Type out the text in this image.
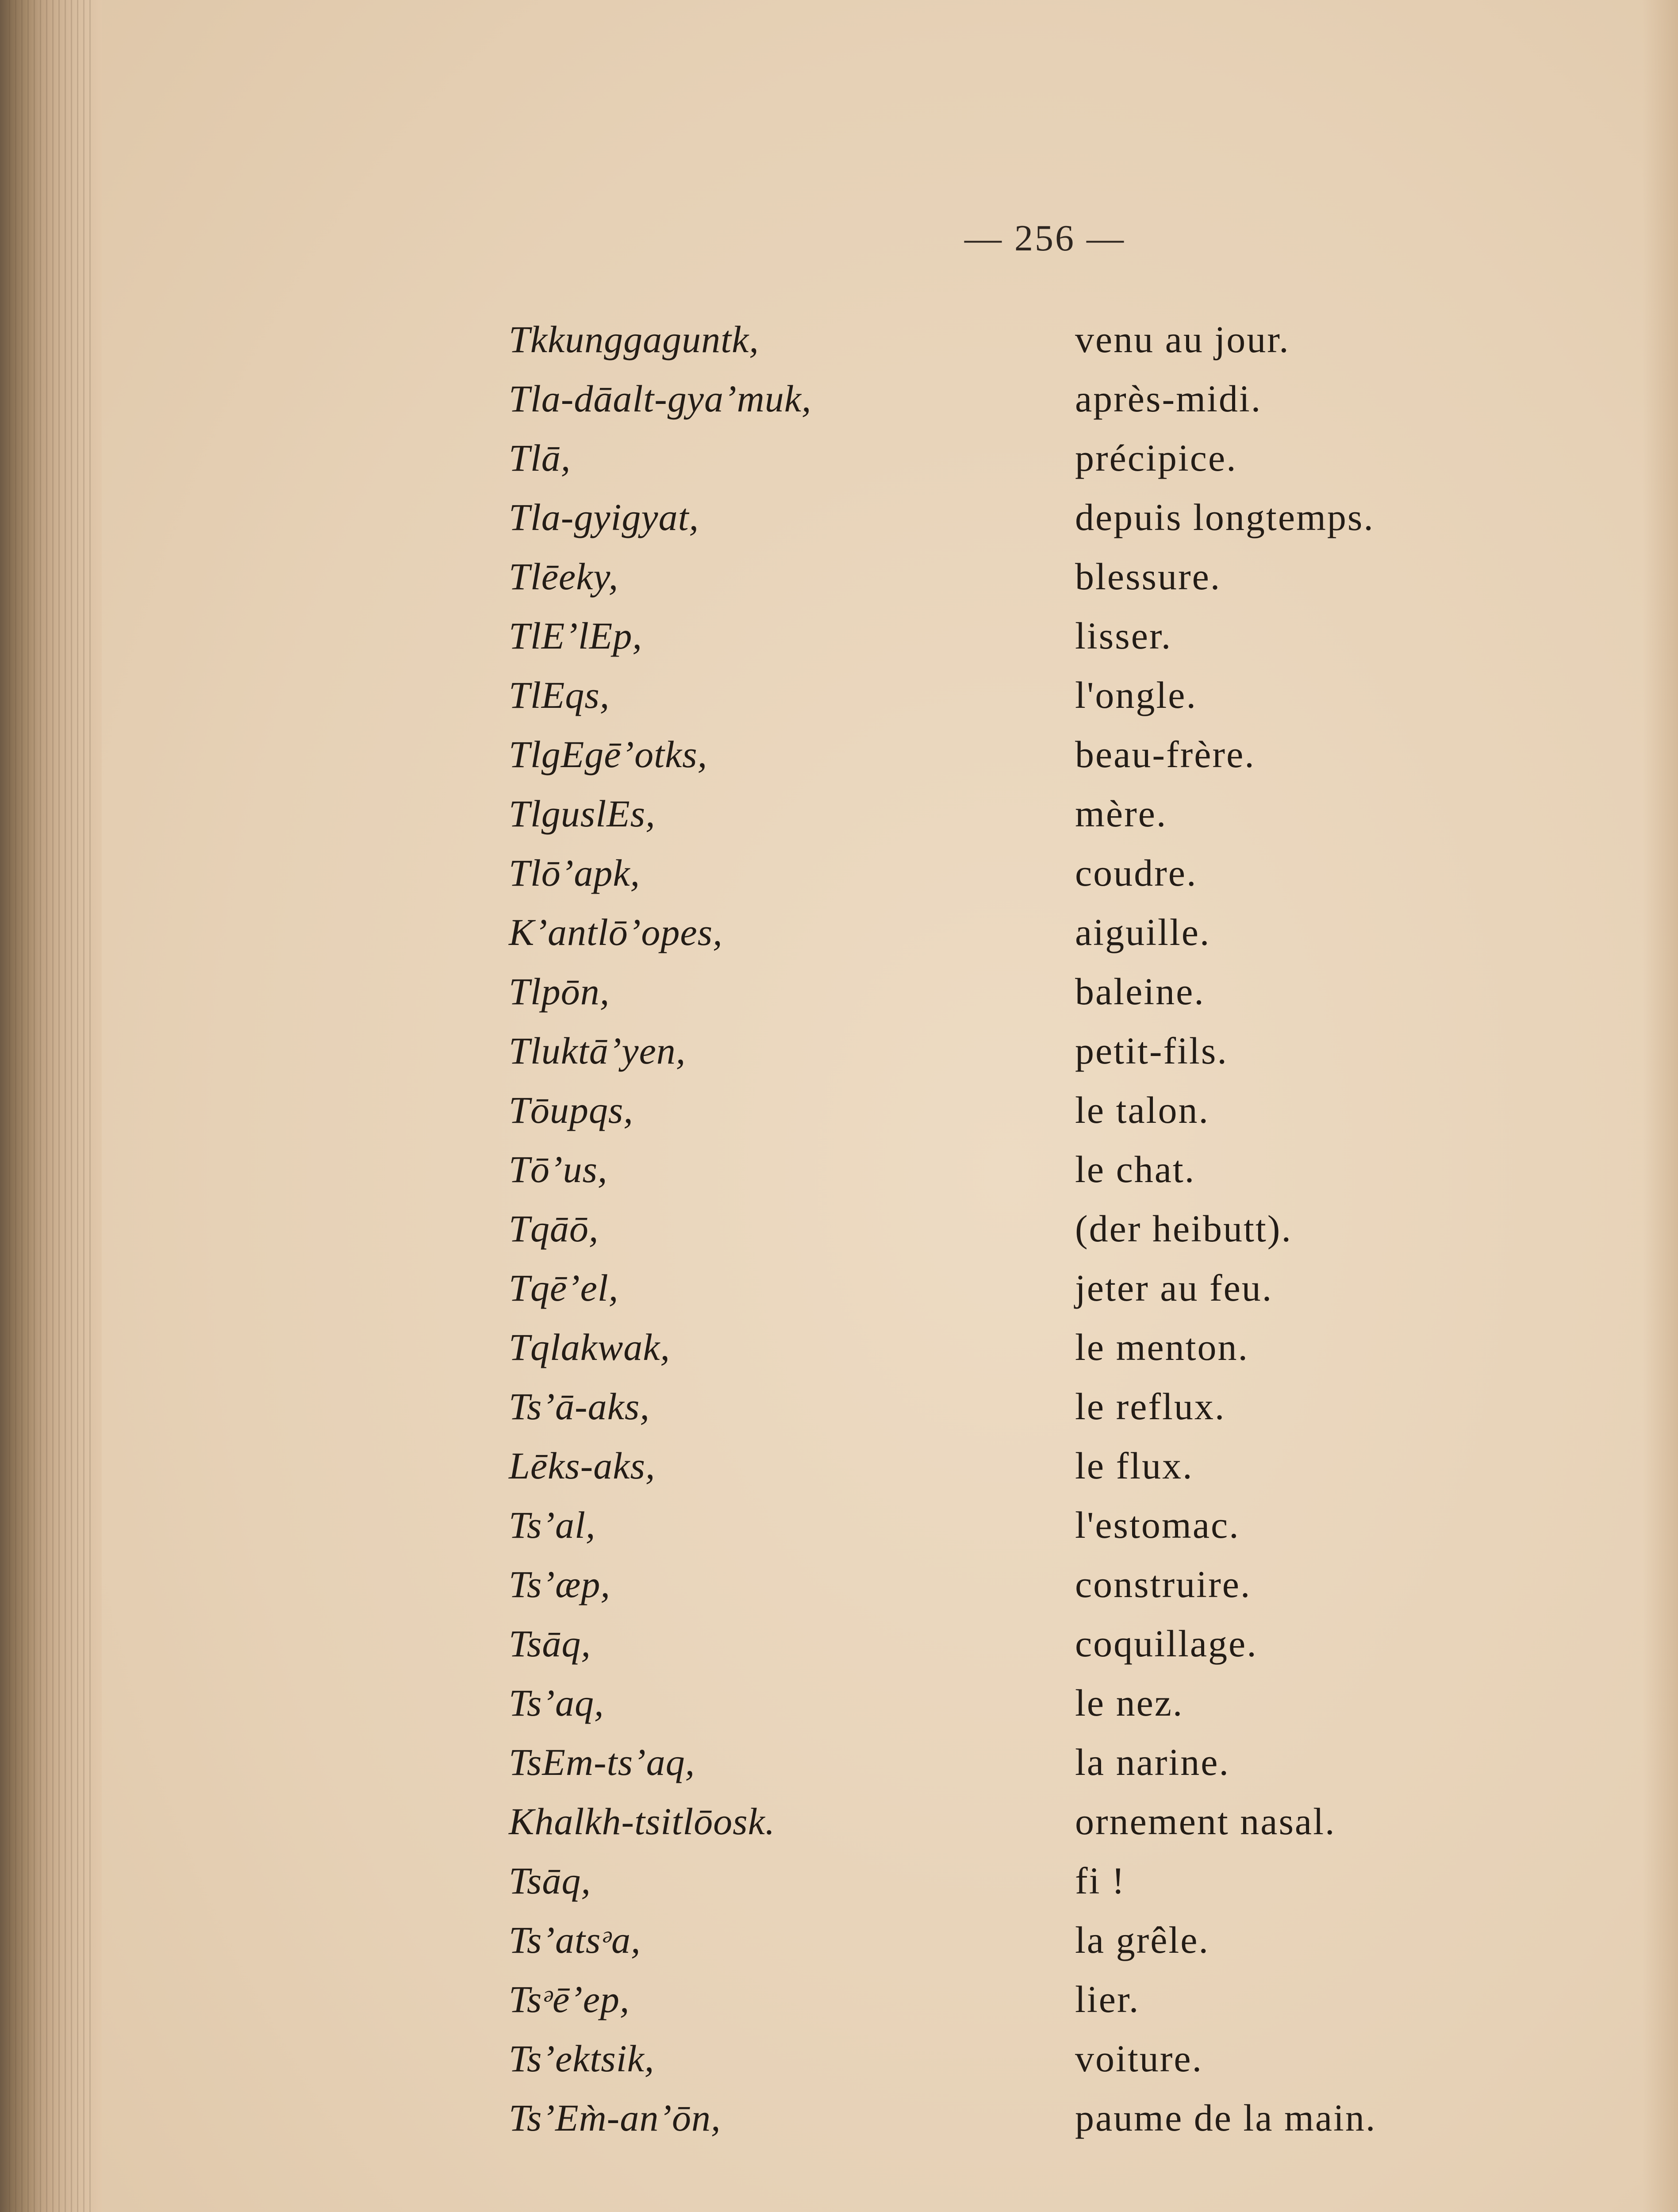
— 256 —
Tkkunggaguntk,	venu au jour.
Tla-dāalt-gyaʼmuk,	après-midi.
Tlā,	précipice.
Tla-gyigyat,	depuis longtemps.
Tlēeky,	blessure.
TlEʼlEp,	lisser.
TlEqs,	l'ongle.
TlgEgēʼotks,	beau-frère.
TlguslEs,	mère.
Tlōʼapk,	coudre.
Kʼantlōʼopes,	aiguille.
Tlpōn,	baleine.
Tluktāʼyen,	petit-fils.
Tōupqs,	le talon.
Tōʼus,	le chat.
Tqāō,	(der heibutt).
Tqēʼel,	jeter au feu.
Tqlakwak,	le menton.
Tsʼā-aks,	le reflux.
Lēks-aks,	le flux.
Tsʼal,	l'estomac.
Tsʼæp,	construire.
Tsāq,	coquillage.
Tsʼaq,	le nez.
TsEm-tsʼaq,	la narine.
Khalkh-tsitlōosk.	ornement nasal.
Tsāq,	fi !
Tsʼatsᵊa,	la grêle.
Tsᵊēʼep,	lier.
Tsʼektsik,	voiture.
TsʼEm̀-anʼōn,	paume de la main.
